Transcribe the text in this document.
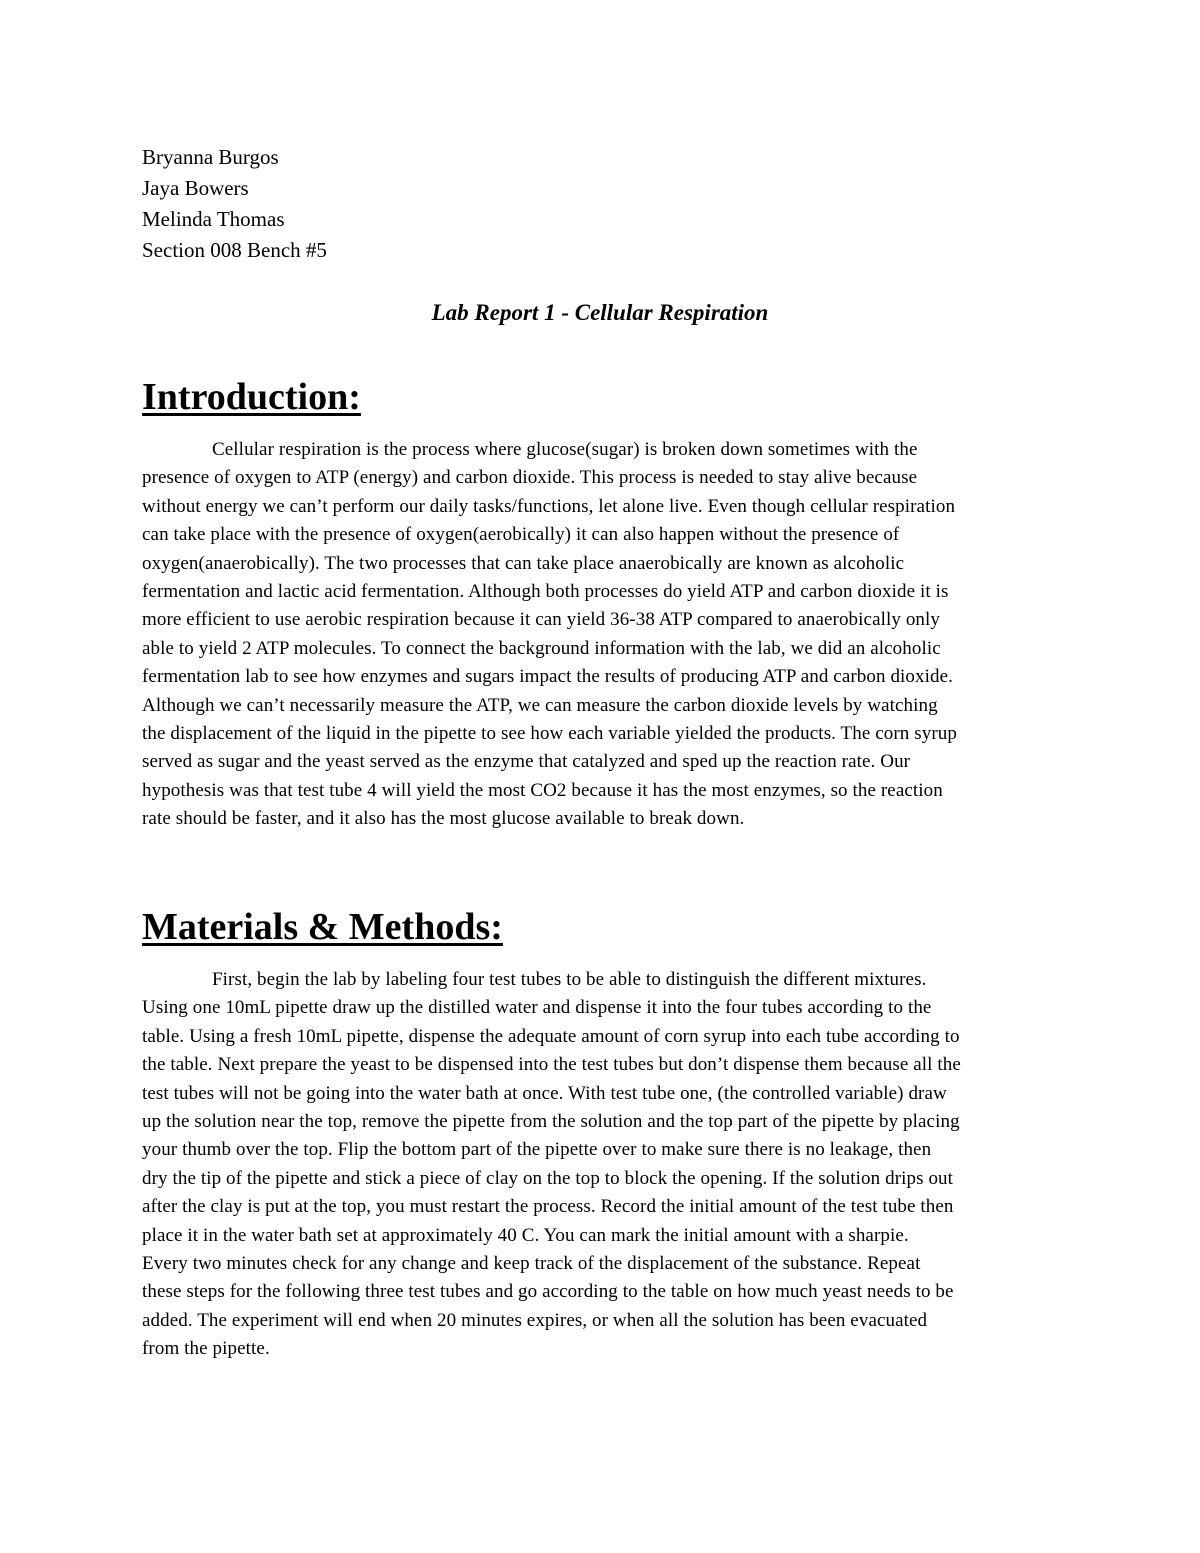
Bryanna Burgos
Jaya Bowers
Melinda Thomas
Section 008 Bench #5
Lab Report 1 - Cellular Respiration
Introduction:
Cellular respiration is the process where glucose(sugar) is broken down sometimes with the
presence of oxygen to ATP (energy) and carbon dioxide. This process is needed to stay alive because
without energy we can’t perform our daily tasks/functions, let alone live. Even though cellular respiration
can take place with the presence of oxygen(aerobically) it can also happen without the presence of
oxygen(anaerobically). The two processes that can take place anaerobically are known as alcoholic
fermentation and lactic acid fermentation. Although both processes do yield ATP and carbon dioxide it is
more efficient to use aerobic respiration because it can yield 36-38 ATP compared to anaerobically only
able to yield 2 ATP molecules. To connect the background information with the lab, we did an alcoholic
fermentation lab to see how enzymes and sugars impact the results of producing ATP and carbon dioxide.
Although we can’t necessarily measure the ATP, we can measure the carbon dioxide levels by watching
the displacement of the liquid in the pipette to see how each variable yielded the products. The corn syrup
served as sugar and the yeast served as the enzyme that catalyzed and sped up the reaction rate. Our
hypothesis was that test tube 4 will yield the most CO2 because it has the most enzymes, so the reaction
rate should be faster, and it also has the most glucose available to break down.
Materials & Methods:
First, begin the lab by labeling four test tubes to be able to distinguish the different mixtures.
Using one 10mL pipette draw up the distilled water and dispense it into the four tubes according to the
table. Using a fresh 10mL pipette, dispense the adequate amount of corn syrup into each tube according to
the table. Next prepare the yeast to be dispensed into the test tubes but don’t dispense them because all the
test tubes will not be going into the water bath at once. With test tube one, (the controlled variable) draw
up the solution near the top, remove the pipette from the solution and the top part of the pipette by placing
your thumb over the top. Flip the bottom part of the pipette over to make sure there is no leakage, then
dry the tip of the pipette and stick a piece of clay on the top to block the opening. If the solution drips out
after the clay is put at the top, you must restart the process. Record the initial amount of the test tube then
place it in the water bath set at approximately 40 C. You can mark the initial amount with a sharpie.
Every two minutes check for any change and keep track of the displacement of the substance. Repeat
these steps for the following three test tubes and go according to the table on how much yeast needs to be
added. The experiment will end when 20 minutes expires, or when all the solution has been evacuated
from the pipette.
